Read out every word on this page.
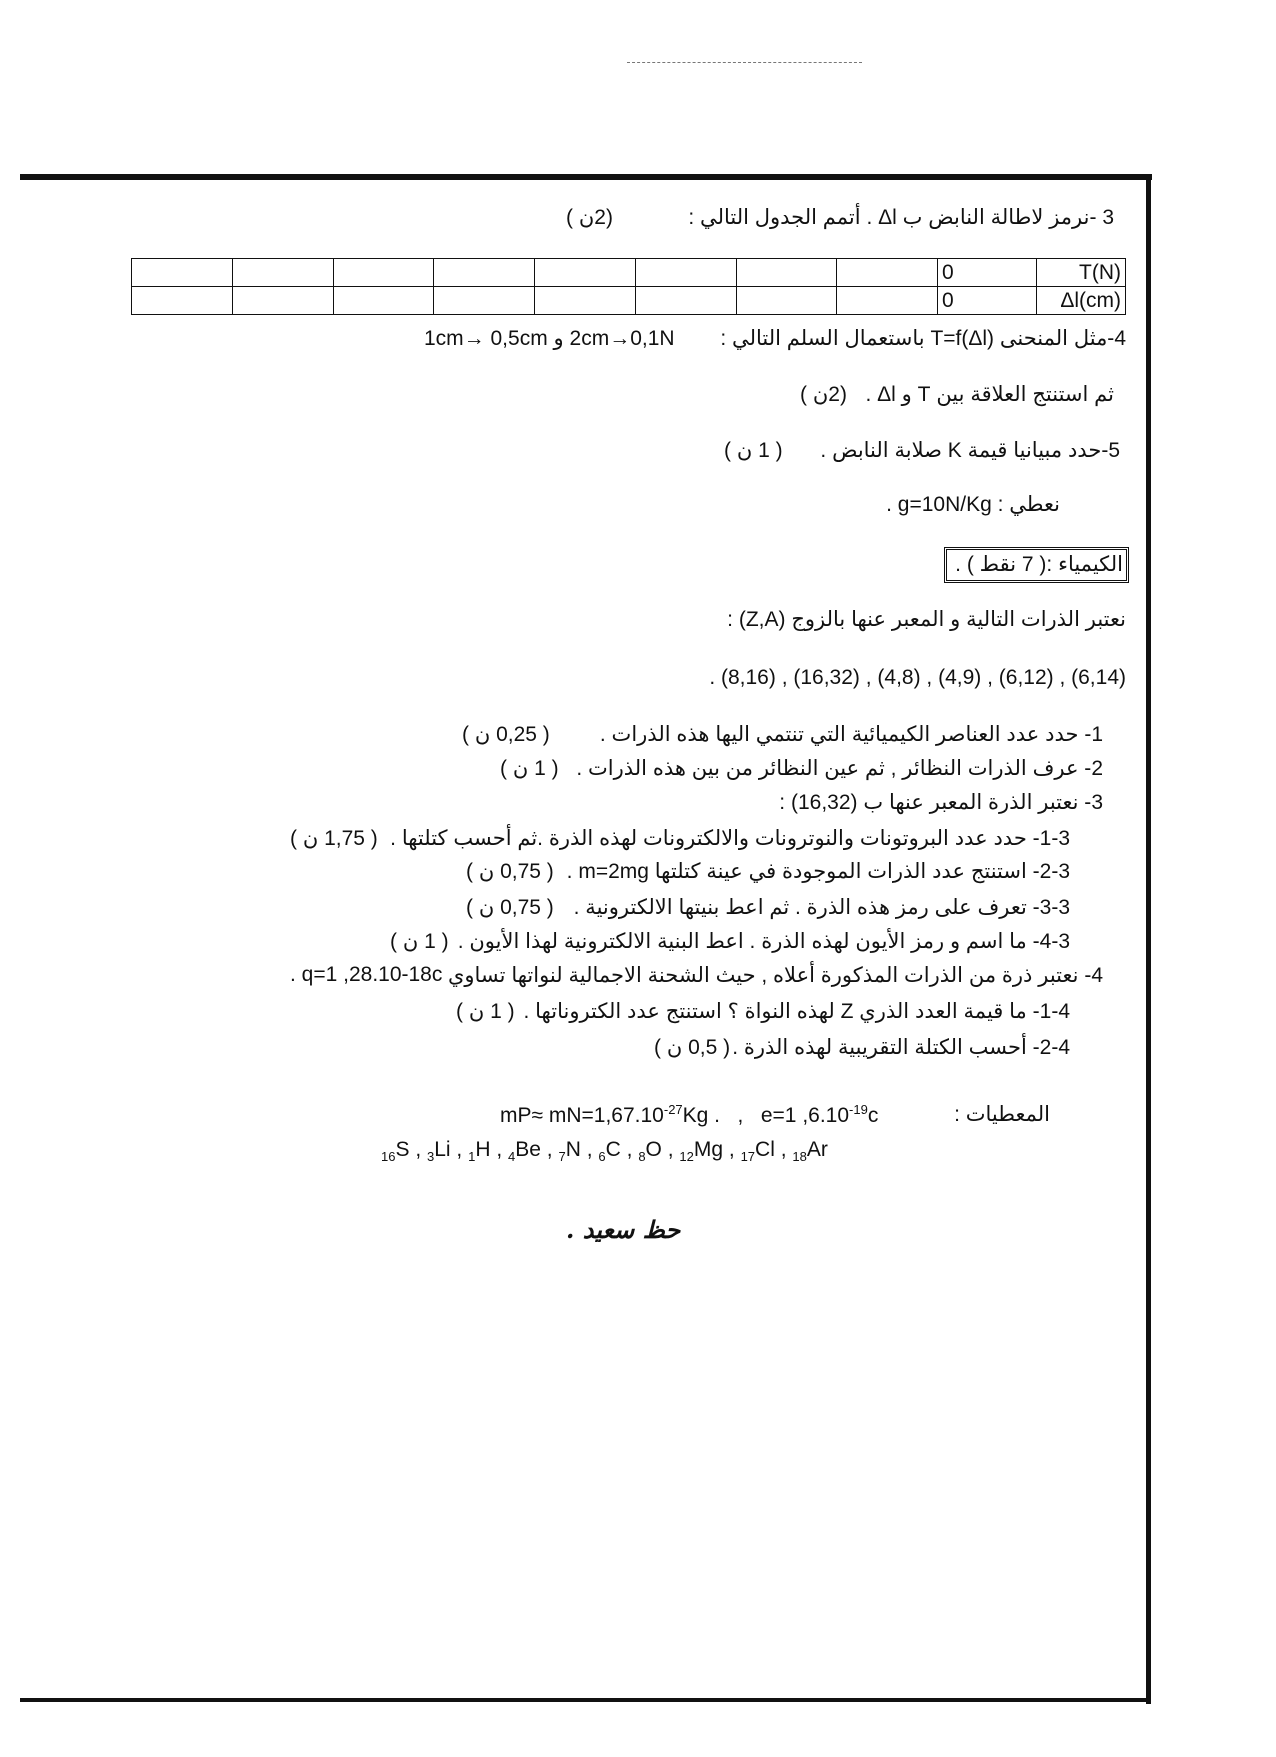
3 -نرمز لاطالة النابض ب Δl . أتمم الجدول التالي :
(2ن )
T(N)	0								
Δl(cm)	0								
4-مثل المنحنى T=f(Δl) باستعمال السلم التالي :
2cm→0,1N و 1cm→ 0,5cm
ثم استنتج العلاقة بين T و Δl .
(2ن )
5-حدد مبيانيا قيمة K صلابة النابض .
( 1 ن )
نعطي : g=10N/Kg .
الكيمياء :( 7 نقط ) .
نعتبر الذرات التالية و المعبر عنها بالزوج (Z,A) :
. (8,16) , (16,32) , (4,8) , (4,9) , (6,12) , (6,14)
المعطيات :
$mP\approx mN=1,67.10^{-27}Kg$ .   ,   e=1 $,6.10^{-19}c$
$_{16}$S , $_3$Li , $_1$H , $_4$Be , $_7$N , $_6$C , $_8$O , $_{12}$Mg , $_{17}$Cl , $_{18}$Ar
حظ سعيد .
1- حدد عدد العناصر الكيميائية التي تنتمي اليها هذه الذرات .
( 0,25 ن )
2- عرف الذرات النظائر , ثم عين النظائر من بين هذه الذرات .
( 1 ن )
3- نعتبر الذرة المعبر عنها ب (16,32) :
1-3- حدد عدد البروتونات والنوترونات والالكترونات لهذه الذرة .ثم أحسب كتلتها .
( 1,75 ن )
2-3- استنتج عدد الذرات الموجودة في عينة كتلتها m=2mg .
( 0,75 ن )
3-3- تعرف على رمز هذه الذرة . ثم اعط بنيتها الالكترونية .
( 0,75 ن )
4-3- ما اسم و رمز الأيون لهذه الذرة . اعط البنية الالكترونية لهذا الأيون .
( 1 ن )
4- نعتبر ذرة من الذرات المذكورة أعلاه , حيث الشحنة الاجمالية لنواتها تساوي
q=1 ,28.10-18c .
1-4- ما قيمة العدد الذري Z لهذه النواة ؟ استنتج عدد الكتروناتها .
( 1 ن )
2-4- أحسب الكتلة التقريبية لهذه الذرة .
( 0,5 ن )
